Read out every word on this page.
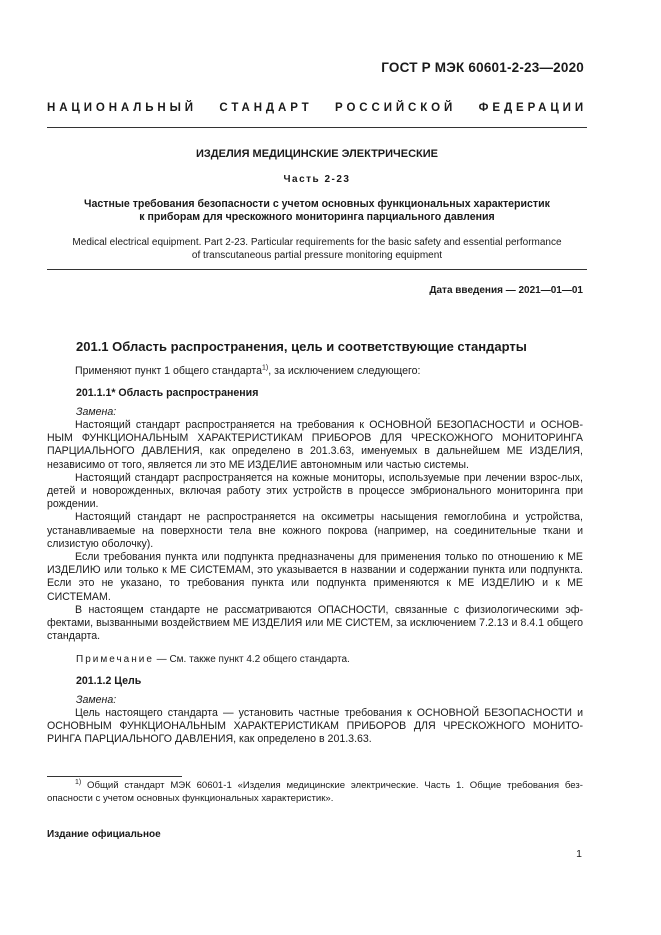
ГОСТ Р МЭК 60601-2-23—2020
НАЦИОНАЛЬНЫЙ СТАНДАРТ РОССИЙСКОЙ ФЕДЕРАЦИИ
ИЗДЕЛИЯ МЕДИЦИНСКИЕ ЭЛЕКТРИЧЕСКИЕ
Часть 2-23
Частные требования безопасности с учетом основных функциональных характеристик
к приборам для чрескожного мониторинга парциального давления
Medical electrical equipment. Part 2-23. Particular requirements for the basic safety and essential performance
of transcutaneous partial pressure monitoring equipment
Дата введения — 2021—01—01
201.1 Область распространения, цель и соответствующие стандарты

Применяют пункт 1 общего стандарта$^{1)}$, за исключением следующего:

201.1.1* Область распространения
Замена:

Настоящий стандарт распространяется на требования к ОСНОВНОЙ БЕЗОПАСНОСТИ и ОСНОВ-НЫМ ФУНКЦИОНАЛЬНЫМ ХАРАКТЕРИСТИКАМ ПРИБОРОВ ДЛЯ ЧРЕСКОЖНОГО МОНИТОРИНГА ПАРЦИАЛЬНОГО ДАВЛЕНИЯ, как определено в 201.3.63, именуемых в дальнейшем МЕ ИЗДЕЛИЯ, независимо от того, является ли это МЕ ИЗДЕЛИЕ автономным или частью системы.

Настоящий стандарт распространяется на кожные мониторы, используемые при лечении взрос-лых, детей и новорожденных, включая работу этих устройств в процессе эмбрионального мониторинга при рождении.

Настоящий стандарт не распространяется на оксиметры насыщения гемоглобина и устройства, устанавливаемые на поверхности тела вне кожного покрова (например, на соединительные ткани и слизистую оболочку).

Если требования пункта или подпункта предназначены для применения только по отношению к МЕ ИЗДЕЛИЮ или только к МЕ СИСТЕМАМ, это указывается в названии и содержании пункта или подпункта. Если это не указано, то требования пункта или подпункта применяются к МЕ ИЗДЕЛИЮ и к МЕ СИСТЕМАМ.

В настоящем стандарте не рассматриваются ОПАСНОСТИ, связанные с физиологическими эф-фектами, вызванными воздействием МЕ ИЗДЕЛИЯ или МЕ СИСТЕМ, за исключением 7.2.13 и 8.4.1 общего стандарта.

Примечание — См. также пункт 4.2 общего стандарта.
201.1.2 Цель
Замена:

Цель настоящего стандарта — установить частные требования к ОСНОВНОЙ БЕЗОПАСНОСТИ и ОСНОВНЫМ ФУНКЦИОНАЛЬНЫМ ХАРАКТЕРИСТИКАМ ПРИБОРОВ ДЛЯ ЧРЕСКОЖНОГО МОНИТО-РИНГА ПАРЦИАЛЬНОГО ДАВЛЕНИЯ, как определено в 201.3.63.

$^{1)}$ Общий стандарт МЭК 60601-1 «Изделия медицинские электрические. Часть 1. Общие требования без-опасности с учетом основных функциональных характеристик».

Издание официальное
1
